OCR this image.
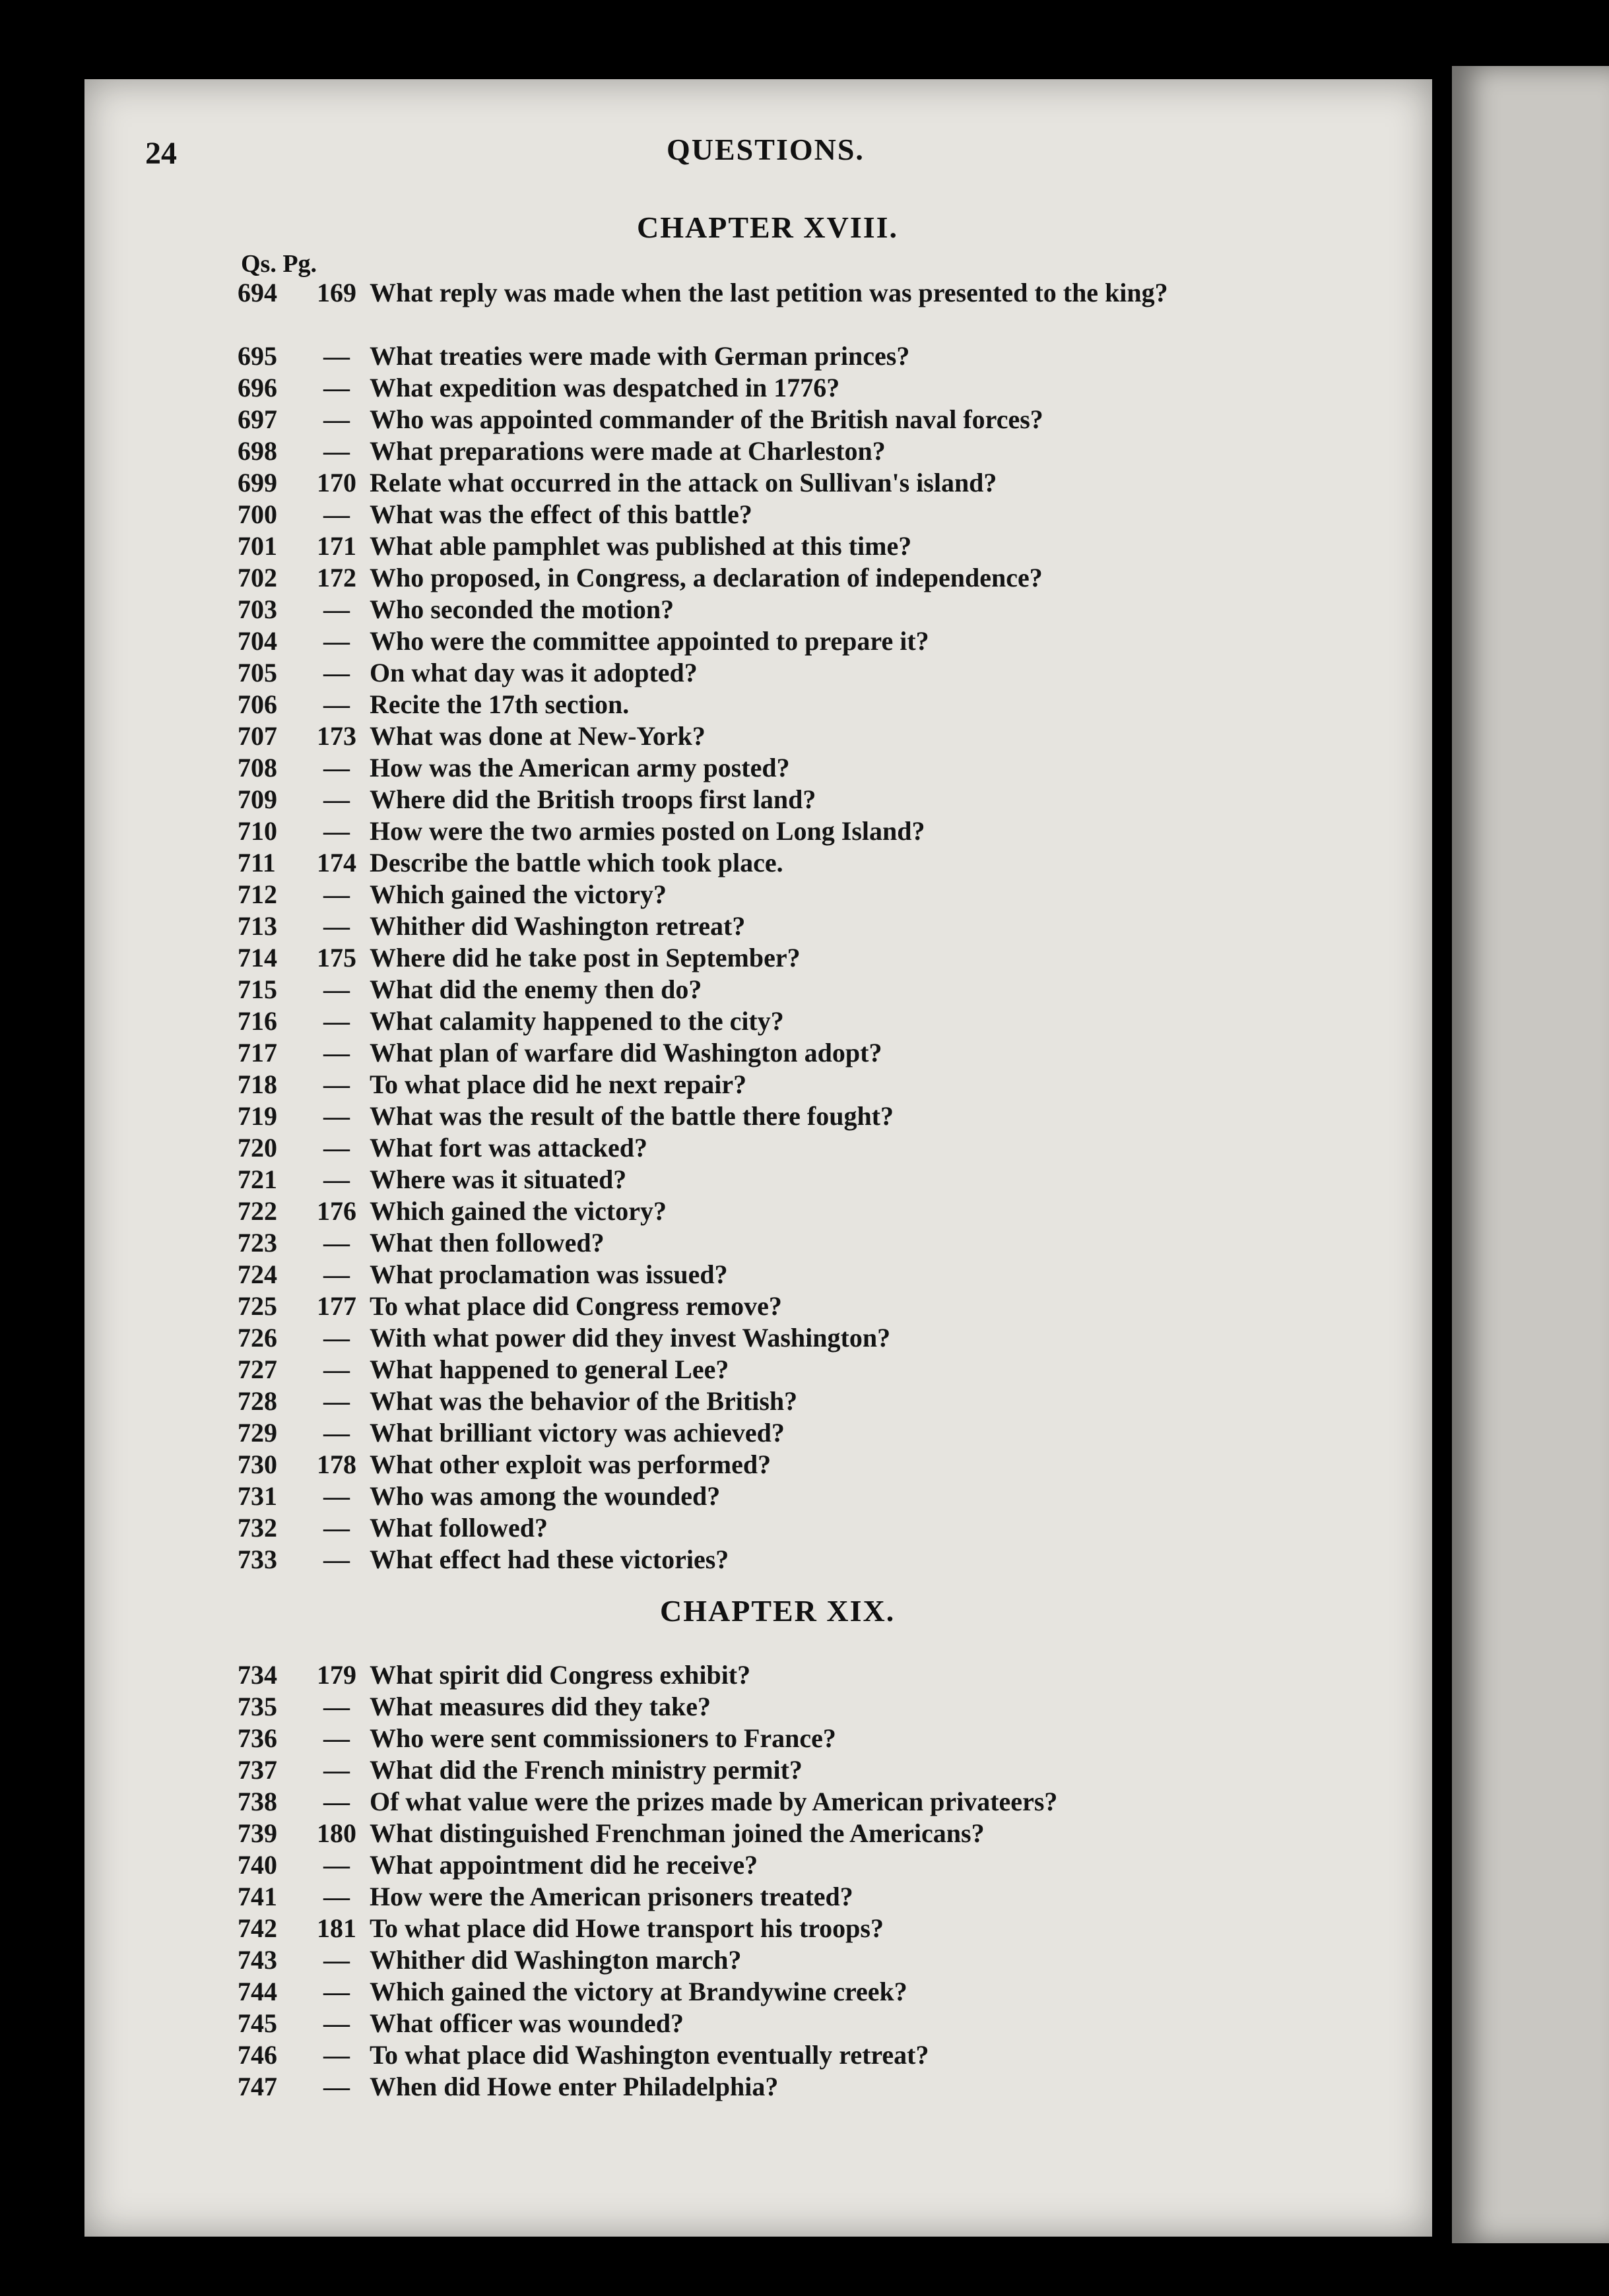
24	QUESTIONS.
CHAPTER XVIII.
Qs. Pg.
694	169 What reply was made when the last petition was presented to the king?
695	— What treaties were made with German princes?
696	— What expedition was despatched in 1776?
697	— Who was appointed commander of the British naval forces?
698	— What preparations were made at Charleston?
699	170 Relate what occurred in the attack on Sullivan's island?
700	— What was the effect of this battle?
701	171 What able pamphlet was published at this time?
702	172 Who proposed, in Congress, a declaration of independence?
703	— Who seconded the motion?
704	— Who were the committee appointed to prepare it?
705	— On what day was it adopted?
706	— Recite the 17th section.
707	173 What was done at New-York?
708	— How was the American army posted?
709	— Where did the British troops first land?
710	— How were the two armies posted on Long Island?
711	174 Describe the battle which took place.
712	— Which gained the victory?
713	— Whither did Washington retreat?
714	175 Where did he take post in September?
715	— What did the enemy then do?
716	— What calamity happened to the city?
717	— What plan of warfare did Washington adopt?
718	— To what place did he next repair?
719	— What was the result of the battle there fought?
720	— What fort was attacked?
721	— Where was it situated?
722	176 Which gained the victory?
723	— What then followed?
724	— What proclamation was issued?
725	177 To what place did Congress remove?
726	— With what power did they invest Washington?
727	— What happened to general Lee?
728	— What was the behavior of the British?
729	— What brilliant victory was achieved?
730	178 What other exploit was performed?
731	— Who was among the wounded?
732	— What followed?
733	— What effect had these victories?
CHAPTER XIX.
734	179 What spirit did Congress exhibit?
735	— What measures did they take?
736	— Who were sent commissioners to France?
737	— What did the French ministry permit?
738	— Of what value were the prizes made by American privateers?
739	180 What distinguished Frenchman joined the Americans?
740	— What appointment did he receive?
741	— How were the American prisoners treated?
742	181 To what place did Howe transport his troops?
743	— Whither did Washington march?
744	— Which gained the victory at Brandywine creek?
745	— What officer was wounded?
746	— To what place did Washington eventually retreat?
747	— When did Howe enter Philadelphia?
